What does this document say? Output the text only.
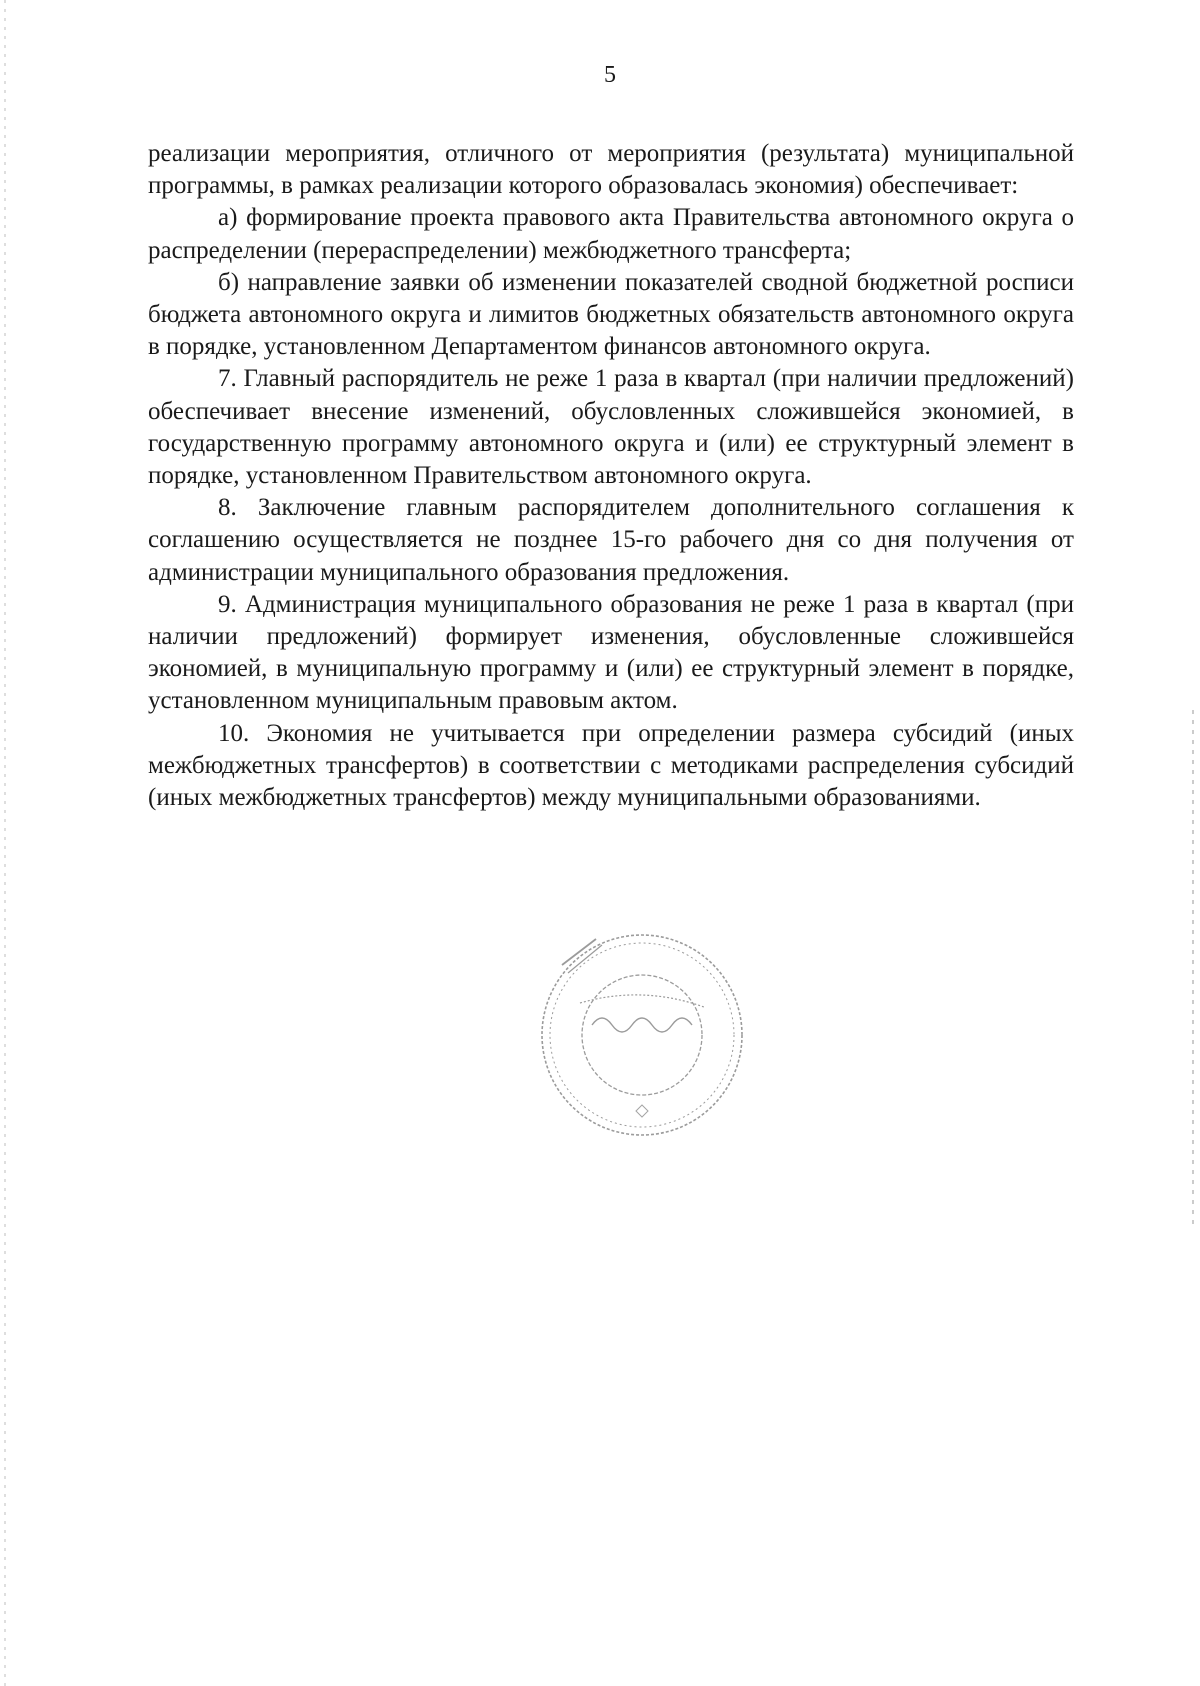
5

реализации мероприятия, отличного от мероприятия (результата) муниципальной программы, в рамках реализации которого образовалась экономия) обеспечивает:

а) формирование проекта правового акта Правительства автономного округа о распределении (перераспределении) межбюджетного трансферта;

б) направление заявки об изменении показателей сводной бюджетной росписи бюджета автономного округа и лимитов бюджетных обязательств автономного округа в порядке, установленном Департаментом финансов автономного округа.

7. Главный распорядитель не реже 1 раза в квартал (при наличии предложений) обеспечивает внесение изменений, обусловленных сложившейся экономией, в государственную программу автономного округа и (или) ее структурный элемент в порядке, установленном Правительством автономного округа.

8. Заключение главным распорядителем дополнительного соглашения к соглашению осуществляется не позднее 15-го рабочего дня со дня получения от администрации муниципального образования предложения.

9. Администрация муниципального образования не реже 1 раза в квартал (при наличии предложений) формирует изменения, обусловленные сложившейся экономией, в муниципальную программу и (или) ее структурный элемент в порядке, установленном муниципальным правовым актом.

10. Экономия не учитывается при определении размера субсидий (иных межбюджетных трансфертов) в соответствии с методиками распределения субсидий (иных межбюджетных трансфертов) между муниципальными образованиями.
